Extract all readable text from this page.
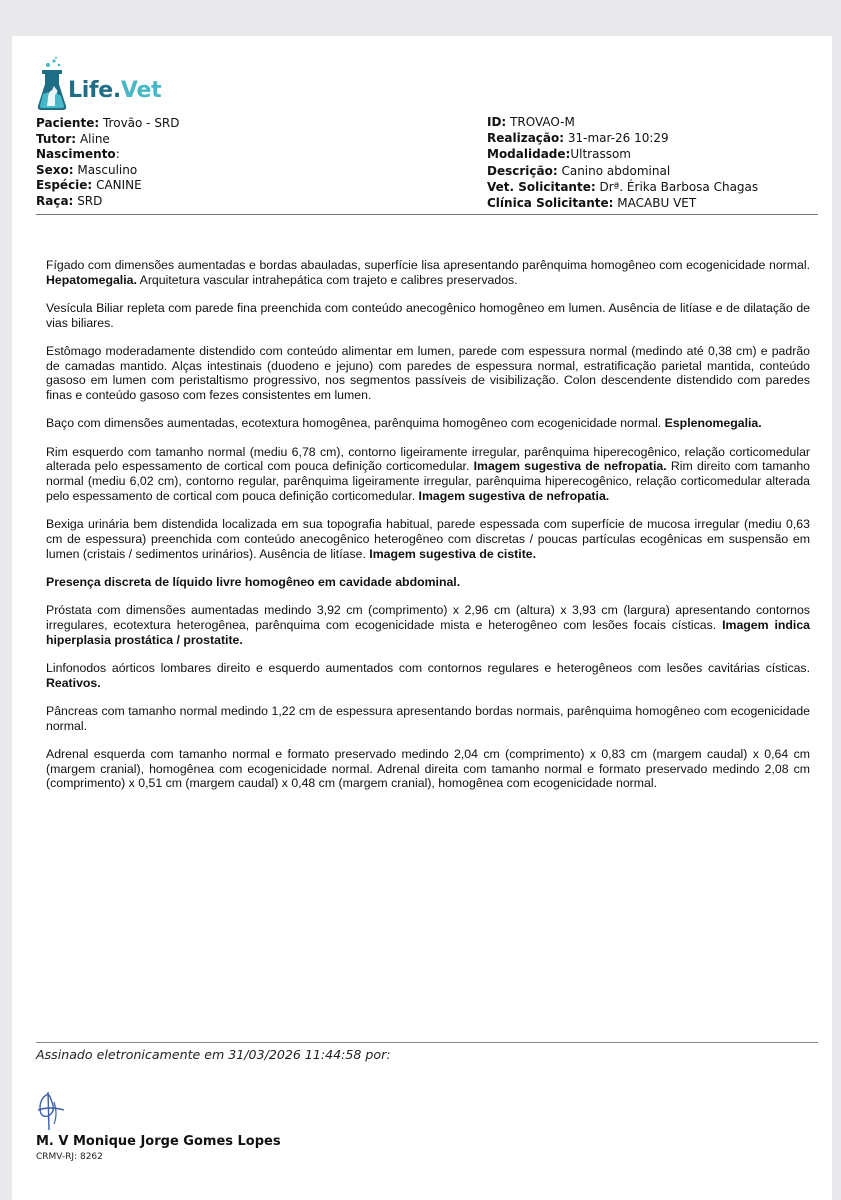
Life.Vet
Paciente: Trovão - SRD
Tutor: Aline
Nascimento:
Sexo: Masculino
Espécie: CANINE
Raça: SRD
ID: TROVAO-M
Realização: 31-mar-26 10:29
Modalidade:Ultrassom
Descrição: Canino abdominal
Vet. Solicitante: Drª. Érika Barbosa Chagas
Clínica Solicitante: MACABU VET

Fígado com dimensões aumentadas e bordas abauladas, superfície lisa apresentando parênquima homogêneo com ecogenicidade normal. Hepatomegalia. Arquitetura vascular intrahepática com trajeto e calibres preservados.

Vesícula Biliar repleta com parede fina preenchida com conteúdo anecogênico homogêneo em lumen. Ausência de litíase e de dilatação de vias biliares.

Estômago moderadamente distendido com conteúdo alimentar em lumen, parede com espessura normal (medindo até 0,38 cm) e padrão de camadas mantido. Alças intestinais (duodeno e jejuno) com paredes de espessura normal, estratificação parietal mantida, conteúdo gasoso em lumen com peristaltismo progressivo, nos segmentos passíveis de visibilização. Colon descendente distendido com paredes finas e conteúdo gasoso com fezes consistentes em lumen.

Baço com dimensões aumentadas, ecotextura homogênea, parênquima homogêneo com ecogenicidade normal. Esplenomegalia.

Rim esquerdo com tamanho normal (mediu 6,78 cm), contorno ligeiramente irregular, parênquima hiperecogênico, relação corticomedular alterada pelo espessamento de cortical com pouca definição corticomedular. Imagem sugestiva de nefropatia. Rim direito com tamanho normal (mediu 6,02 cm), contorno regular, parênquima ligeiramente irregular, parênquima hiperecogênico, relação corticomedular alterada pelo espessamento de cortical com pouca definição corticomedular. Imagem sugestiva de nefropatia.

Bexiga urinária bem distendida localizada em sua topografia habitual, parede espessada com superfície de mucosa irregular (mediu 0,63 cm de espessura) preenchida com conteúdo anecogênico heterogêneo com discretas / poucas partículas ecogênicas em suspensão em lumen (cristais / sedimentos urinários). Ausência de litíase. Imagem sugestiva de cistite.

Presença discreta de líquido livre homogêneo em cavidade abdominal.

Próstata com dimensões aumentadas medindo 3,92 cm (comprimento) x 2,96 cm (altura) x 3,93 cm (largura) apresentando contornos irregulares, ecotextura heterogênea, parênquima com ecogenicidade mista e heterogêneo com lesões focais císticas. Imagem indica hiperplasia prostática / prostatite.

Linfonodos aórticos lombares direito e esquerdo aumentados com contornos regulares e heterogêneos com lesões cavitárias císticas. Reativos.

Pâncreas com tamanho normal medindo 1,22 cm de espessura apresentando bordas normais, parênquima homogêneo com ecogenicidade normal.

Adrenal esquerda com tamanho normal e formato preservado medindo 2,04 cm (comprimento) x 0,83 cm (margem caudal) x 0,64 cm (margem cranial), homogênea com ecogenicidade normal. Adrenal direita com tamanho normal e formato preservado medindo 2,08 cm (comprimento) x 0,51 cm (margem caudal) x 0,48 cm (margem cranial), homogênea com ecogenicidade normal.

Assinado eletronicamente em 31/03/2026 11:44:58 por:
M. V Monique Jorge Gomes Lopes
CRMV-RJ: 8262
